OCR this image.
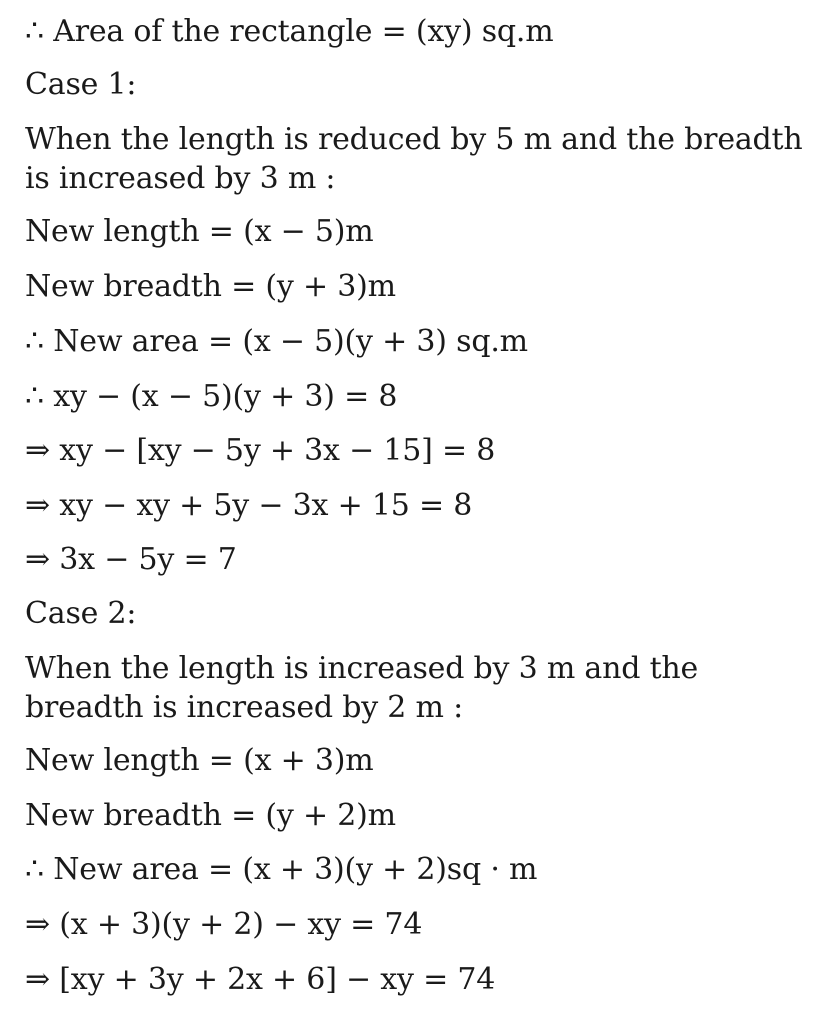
∴ Area of the rectangle = (xy) sq.m
Case 1:
When the length is reduced by 5 m and the breadth is increased by 3 m :
New length = (x − 5)m
New breadth = (y + 3)m
∴ New area = (x − 5)(y + 3) sq.m
∴ xy − (x − 5)(y + 3) = 8
⇒ xy − [xy − 5y + 3x − 15] = 8
⇒ xy − xy + 5y − 3x + 15 = 8
⇒ 3x − 5y = 7
Case 2:
When the length is increased by 3 m and the breadth is increased by 2 m :
New length = (x + 3)m
New breadth = (y + 2)m
∴ New area = (x + 3)(y + 2)sq · m
⇒ (x + 3)(y + 2) − xy = 74
⇒ [xy + 3y + 2x + 6] − xy = 74
